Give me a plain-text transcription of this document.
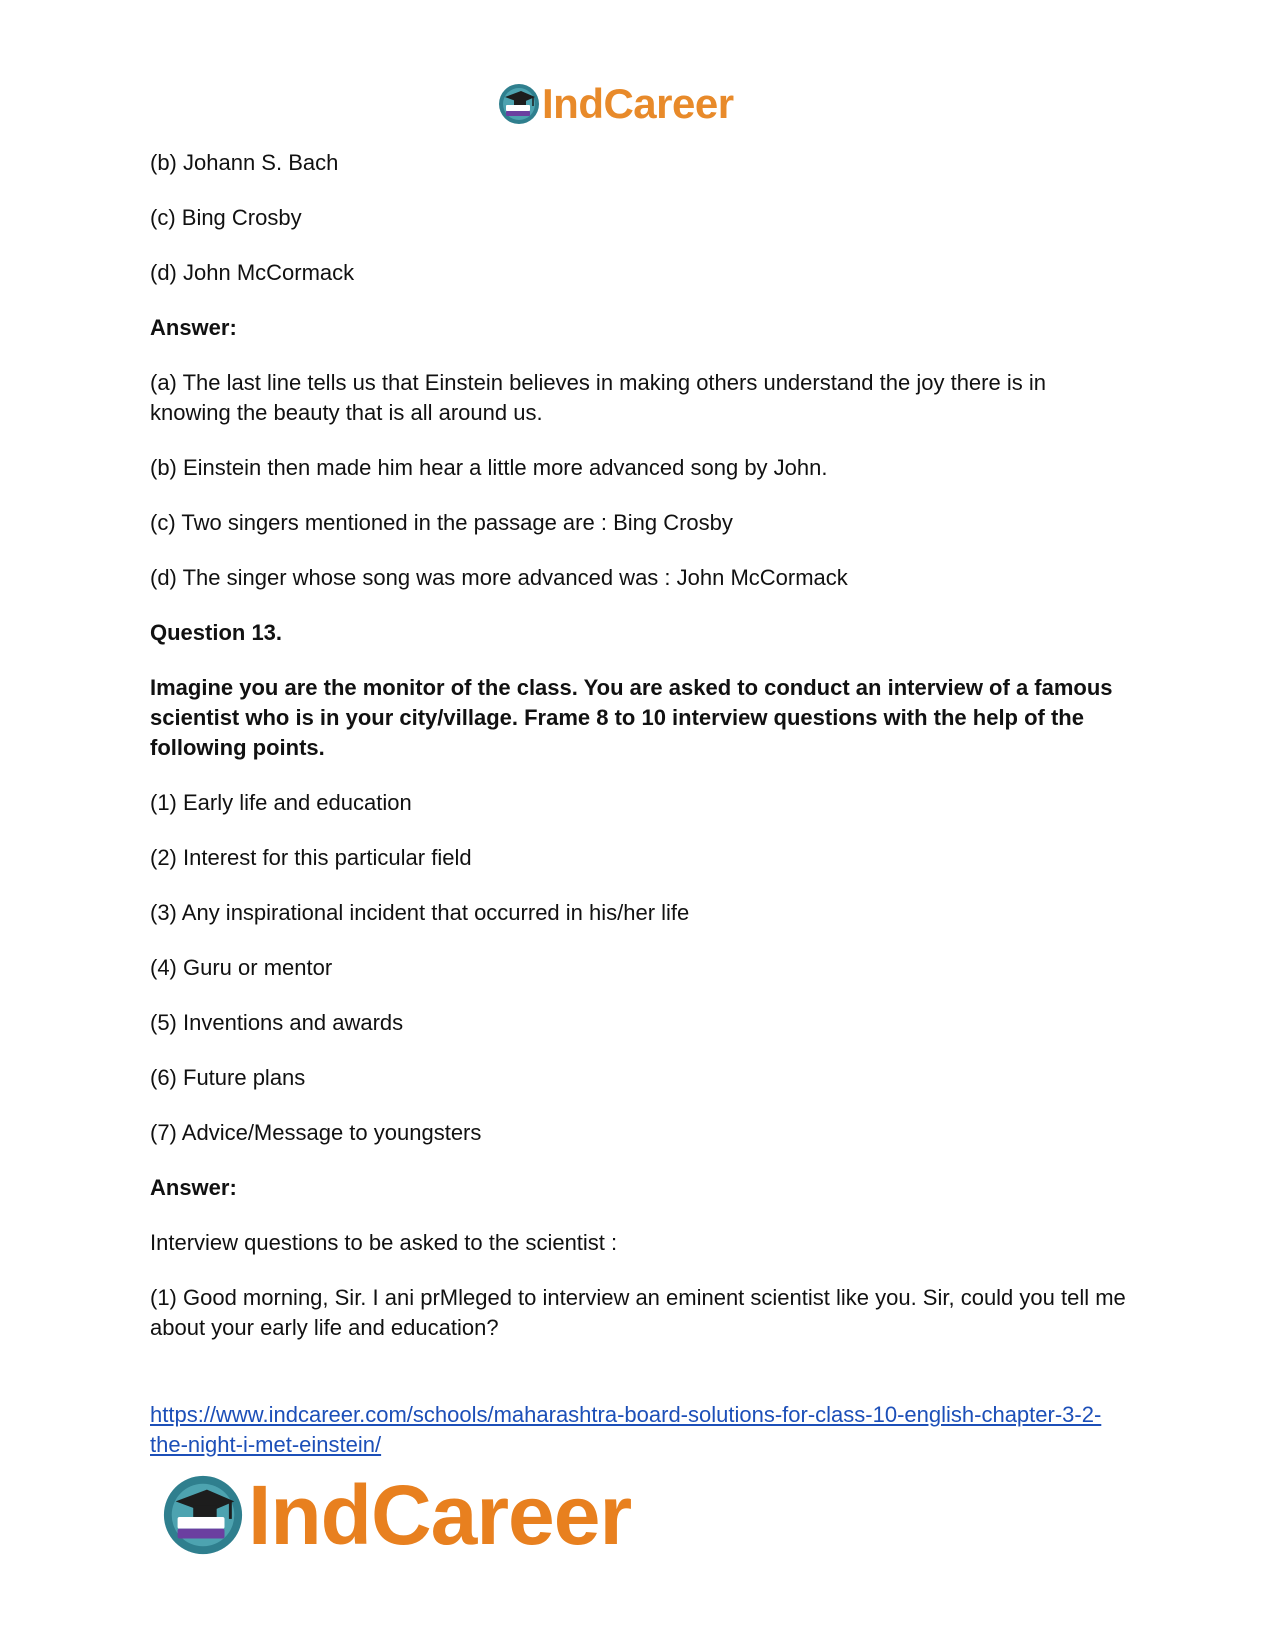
IndCareer

(b) Johann S. Bach

(c) Bing Crosby

(d) John McCormack

Answer:

(a) The last line tells us that Einstein believes in making others understand the joy there is in knowing the beauty that is all around us.

(b) Einstein then made him hear a little more advanced song by John.

(c) Two singers mentioned in the passage are : Bing Crosby

(d) The singer whose song was more advanced was : John McCormack

Question 13.

Imagine you are the monitor of the class. You are asked to conduct an interview of a famous scientist who is in your city/village. Frame 8 to 10 interview questions with the help of the following points.

(1) Early life and education

(2) Interest for this particular field

(3) Any inspirational incident that occurred in his/her life

(4) Guru or mentor

(5) Inventions and awards

(6) Future plans

(7) Advice/Message to youngsters

Answer:

Interview questions to be asked to the scientist :

(1) Good morning, Sir. I ani prMleged to interview an eminent scientist like you. Sir, could you tell me about your early life and education?

https://www.indcareer.com/schools/maharashtra-board-solutions-for-class-10-english-chapter-3-2-the-night-i-met-einstein/
IndCareer
